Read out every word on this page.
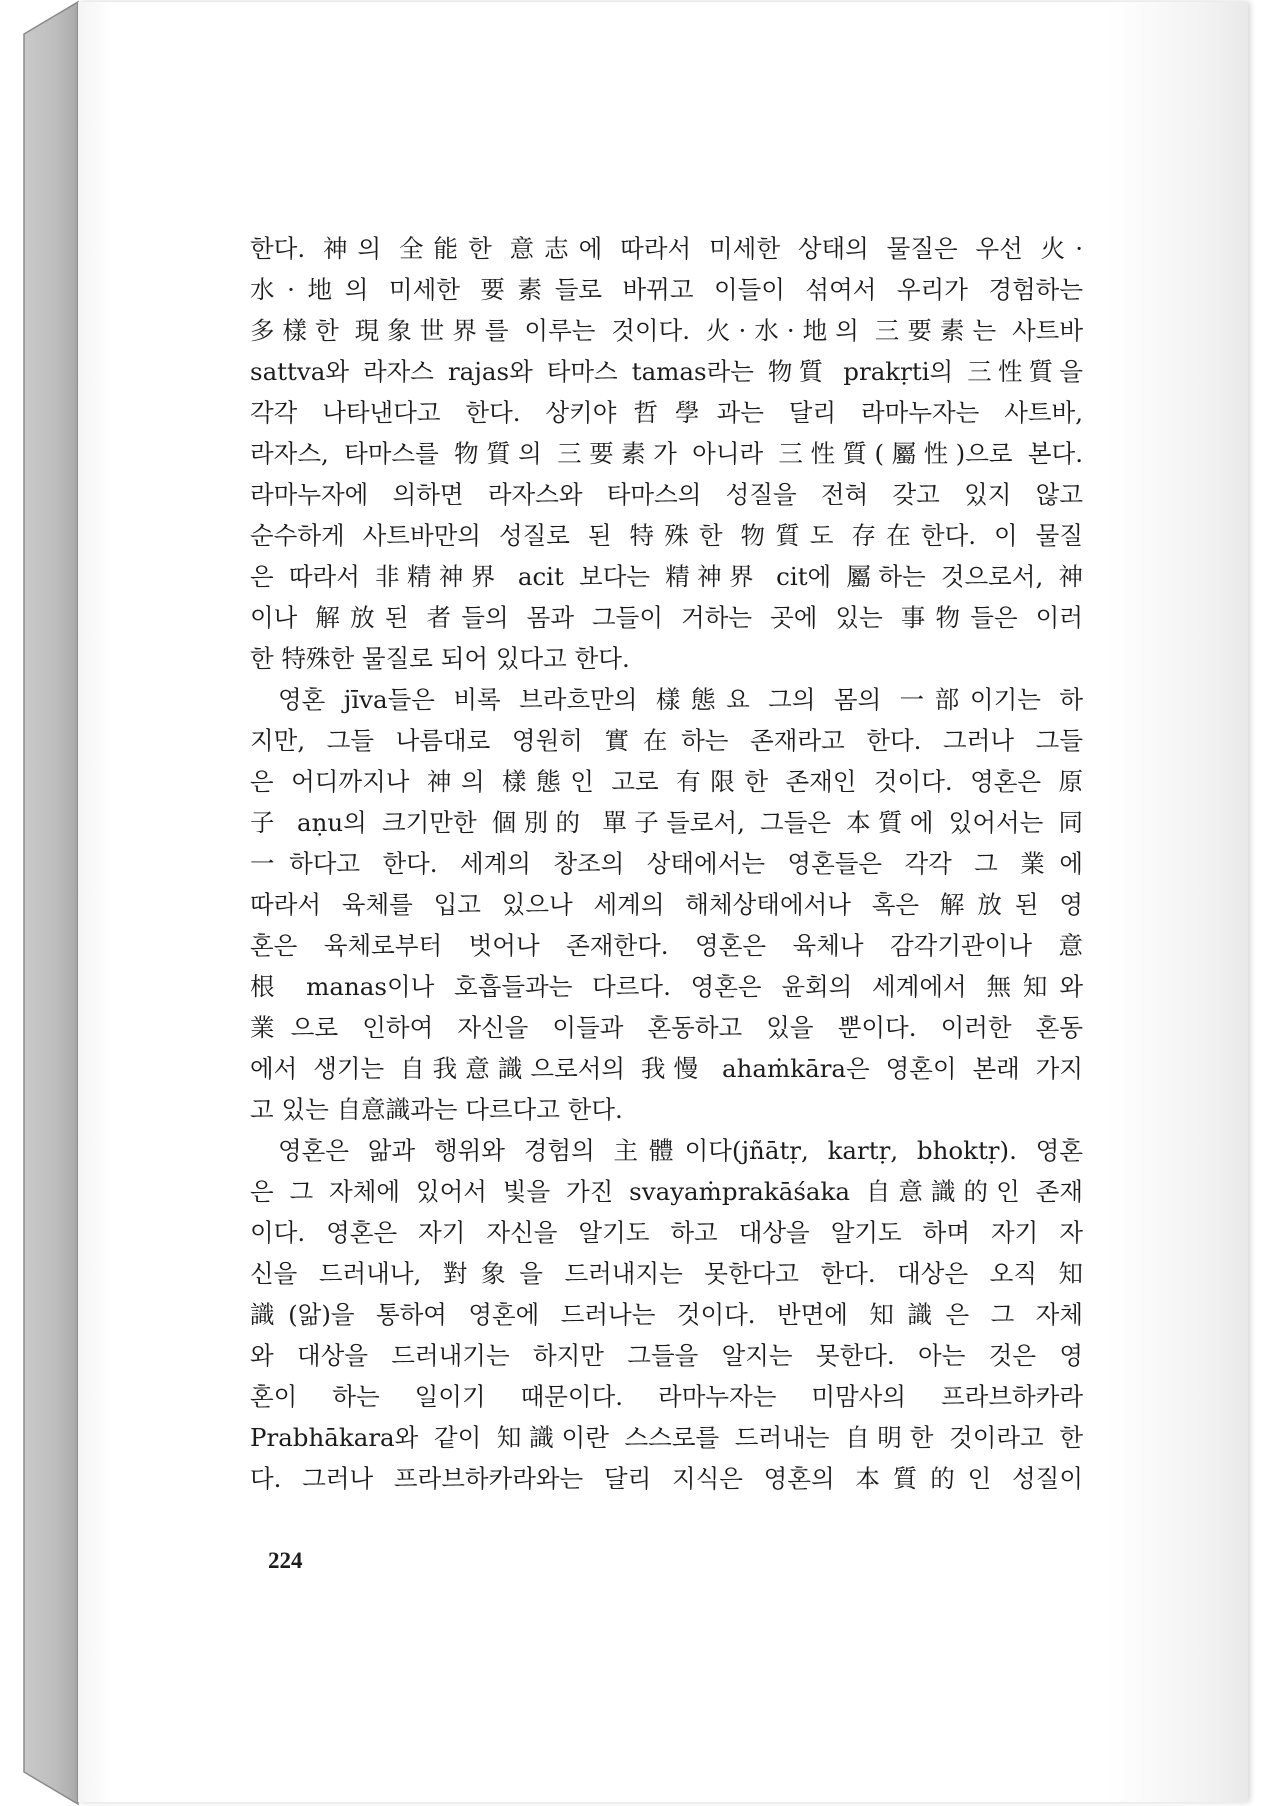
한다. 神의 全能한 意志에 따라서 미세한 상태의 물질은 우선 火·
水·地의 미세한 要素들로 바뀌고 이들이 섞여서 우리가 경험하는
多樣한 現象世界를 이루는 것이다. 火·水·地의 三要素는 사트바
sattva와 라자스 rajas와 타마스 tamas라는 物質 prakṛti의 三性質을
각각 나타낸다고 한다. 상키야哲學과는 달리 라마누자는 사트바,
라자스, 타마스를 物質의 三要素가 아니라 三性質(屬性)으로 본다.
라마누자에 의하면 라자스와 타마스의 성질을 전혀 갖고 있지 않고
순수하게 사트바만의 성질로 된 特殊한 物質도 存在한다. 이 물질
은 따라서 非精神界 acit 보다는 精神界 cit에 屬하는 것으로서, 神
이나 解放된 者들의 몸과 그들이 거하는 곳에 있는 事物들은 이러
한 特殊한 물질로 되어 있다고 한다.
영혼 jīva들은 비록 브라흐만의 樣態요 그의 몸의 一部이기는 하
지만, 그들 나름대로 영원히 實在하는 존재라고 한다. 그러나 그들
은 어디까지나 神의 樣態인 고로 有限한 존재인 것이다. 영혼은 原
子 aṇu의 크기만한 個別的 單子들로서, 그들은 本質에 있어서는 同
一하다고 한다. 세계의 창조의 상태에서는 영혼들은 각각 그 業에
따라서 육체를 입고 있으나 세계의 해체상태에서나 혹은 解放된 영
혼은 육체로부터 벗어나 존재한다. 영혼은 육체나 감각기관이나 意
根 manas이나 호흡들과는 다르다. 영혼은 윤회의 세계에서 無知와
業으로 인하여 자신을 이들과 혼동하고 있을 뿐이다. 이러한 혼동
에서 생기는 自我意識으로서의 我慢 ahaṁkāra은 영혼이 본래 가지
고 있는 自意識과는 다르다고 한다.
영혼은 앎과 행위와 경험의 主體이다(jñātṛ, kartṛ, bhoktṛ). 영혼
은 그 자체에 있어서 빛을 가진 svayaṁprakāśaka 自意識的인 존재
이다. 영혼은 자기 자신을 알기도 하고 대상을 알기도 하며 자기 자
신을 드러내나, 對象을 드러내지는 못한다고 한다. 대상은 오직 知
識(앎)을 통하여 영혼에 드러나는 것이다. 반면에 知識은 그 자체
와 대상을 드러내기는 하지만 그들을 알지는 못한다. 아는 것은 영
혼이 하는 일이기 때문이다. 라마누자는 미맘사의 프라브하카라
Prabhākara와 같이 知識이란 스스로를 드러내는 自明한 것이라고 한
다. 그러나 프라브하카라와는 달리 지식은 영혼의 本質的인 성질이
224
